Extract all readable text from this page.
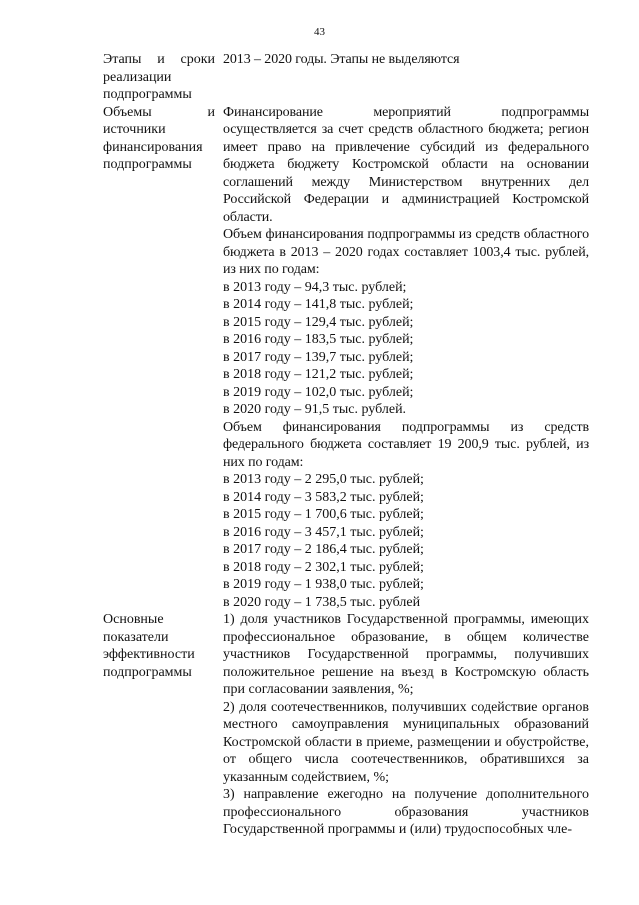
43
Этапы и сроки реализации подпрограммы
2013 – 2020 годы. Этапы не выделяются
Объемы и источники финансирования подпрограммы
Финансирование мероприятий подпрограммы осуществляется за счет средств областного бюджета; регион имеет право на привлечение субсидий из федерального бюджета бюджету Костромской области на основании соглашений между Министерством внутренних дел Российской Федерации и администрацией Костромской области.
Объем финансирования подпрограммы из средств областного бюджета в 2013 – 2020 годах составляет 1003,4 тыс. рублей, из них по годам:
в 2013 году – 94,3 тыс. рублей;
в 2014 году – 141,8 тыс. рублей;
в 2015 году – 129,4 тыс. рублей;
в 2016 году – 183,5 тыс. рублей;
в 2017 году – 139,7 тыс. рублей;
в 2018 году – 121,2 тыс. рублей;
в 2019 году – 102,0 тыс. рублей;
в 2020 году – 91,5 тыс. рублей.
Объем финансирования подпрограммы из средств федерального бюджета составляет 19 200,9 тыс. рублей, из них по годам:
в 2013 году – 2 295,0 тыс. рублей;
в 2014 году – 3 583,2 тыс. рублей;
в 2015 году – 1 700,6 тыс. рублей;
в 2016 году – 3 457,1 тыс. рублей;
в 2017 году – 2 186,4 тыс. рублей;
в 2018 году – 2 302,1 тыс. рублей;
в 2019 году – 1 938,0 тыс. рублей;
в 2020 году – 1 738,5 тыс. рублей
Основные показатели эффективности подпрограммы
1) доля участников Государственной программы, имеющих профессиональное образование, в общем количестве участников Государственной программы, получивших положительное решение на въезд в Костромскую область при согласовании заявления, %;
2) доля соотечественников, получивших содействие органов местного самоуправления муниципальных образований Костромской области в приеме, размещении и обустройстве, от общего числа соотечественников, обратившихся за указанным содействием, %;
3) направление ежегодно на получение дополнительного профессионального образования участников Государственной программы и (или) трудоспособных чле-
